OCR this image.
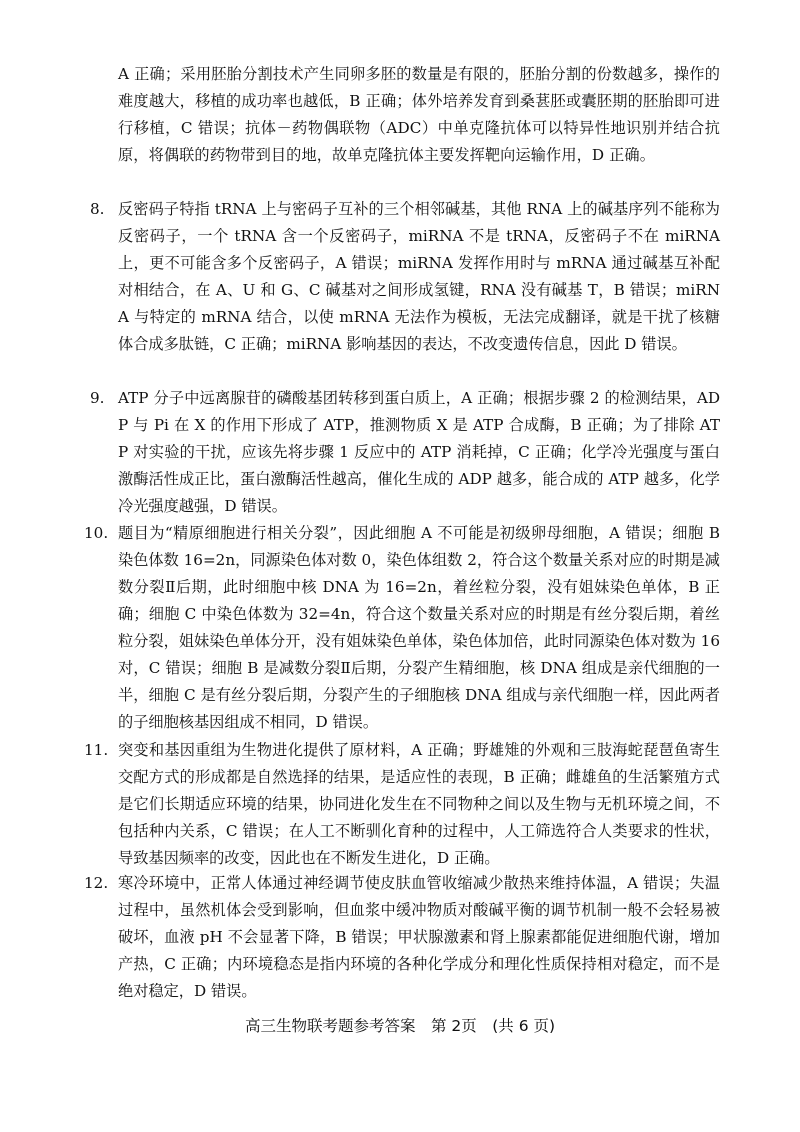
A 正确；采用胚胎分割技术产生同卵多胚的数量是有限的，胚胎分割的份数越多，操作的难度越大，移植的成功率也越低，B 正确；体外培养发育到桑葚胚或囊胚期的胚胎即可进行移植，C 错误；抗体－药物偶联物（ADC）中单克隆抗体可以特异性地识别并结合抗原，将偶联的药物带到目的地，故单克隆抗体主要发挥靶向运输作用，D 正确。
8. 反密码子特指 tRNA 上与密码子互补的三个相邻碱基，其他 RNA 上的碱基序列不能称为反密码子，一个 tRNA 含一个反密码子，miRNA 不是 tRNA，反密码子不在 miRNA 上，更不可能含多个反密码子，A 错误；miRNA 发挥作用时与 mRNA 通过碱基互补配对相结合，在 A、U 和 G、C 碱基对之间形成氢键，RNA 没有碱基 T，B 错误；miRNA 与特定的 mRNA 结合，以使 mRNA 无法作为模板，无法完成翻译，就是干扰了核糖体合成多肽链，C 正确；miRNA 影响基因的表达，不改变遗传信息，因此 D 错误。
9. ATP 分子中远离腺苷的磷酸基团转移到蛋白质上，A 正确；根据步骤 2 的检测结果，ADP 与 Pi 在 X 的作用下形成了 ATP，推测物质 X 是 ATP 合成酶，B 正确；为了排除 ATP 对实验的干扰，应该先将步骤 1 反应中的 ATP 消耗掉，C 正确；化学冷光强度与蛋白激酶活性成正比，蛋白激酶活性越高，催化生成的 ADP 越多，能合成的 ATP 越多，化学冷光强度越强，D 错误。
10. 题目为“精原细胞进行相关分裂”，因此细胞 A 不可能是初级卵母细胞，A 错误；细胞 B 染色体数 16=2n，同源染色体对数 0，染色体组数 2，符合这个数量关系对应的时期是减数分裂Ⅱ后期，此时细胞中核 DNA 为 16=2n，着丝粒分裂，没有姐妹染色单体，B 正确；细胞 C 中染色体数为 32=4n，符合这个数量关系对应的时期是有丝分裂后期，着丝粒分裂，姐妹染色单体分开，没有姐妹染色单体，染色体加倍，此时同源染色体对数为 16 对，C 错误；细胞 B 是减数分裂Ⅱ后期，分裂产生精细胞，核 DNA 组成是亲代细胞的一半，细胞 C 是有丝分裂后期，分裂产生的子细胞核 DNA 组成与亲代细胞一样，因此两者的子细胞核基因组成不相同，D 错误。
11. 突变和基因重组为生物进化提供了原材料，A 正确；野雄雉的外观和三肢海蛇琵琶鱼寄生交配方式的形成都是自然选择的结果，是适应性的表现，B 正确；雌雄鱼的生活繁殖方式是它们长期适应环境的结果，协同进化发生在不同物种之间以及生物与无机环境之间，不包括种内关系，C 错误；在人工不断驯化育种的过程中，人工筛选符合人类要求的性状，导致基因频率的改变，因此也在不断发生进化，D 正确。
12. 寒冷环境中，正常人体通过神经调节使皮肤血管收缩减少散热来维持体温，A 错误；失温过程中，虽然机体会受到影响，但血浆中缓冲物质对酸碱平衡的调节机制一般不会轻易被破坏，血液 pH 不会显著下降，B 错误；甲状腺激素和肾上腺素都能促进细胞代谢，增加产热，C 正确；内环境稳态是指内环境的各种化学成分和理化性质保持相对稳定，而不是绝对稳定，D 错误。
高三生物联考题参考答案　第 2页　(共 6 页)
